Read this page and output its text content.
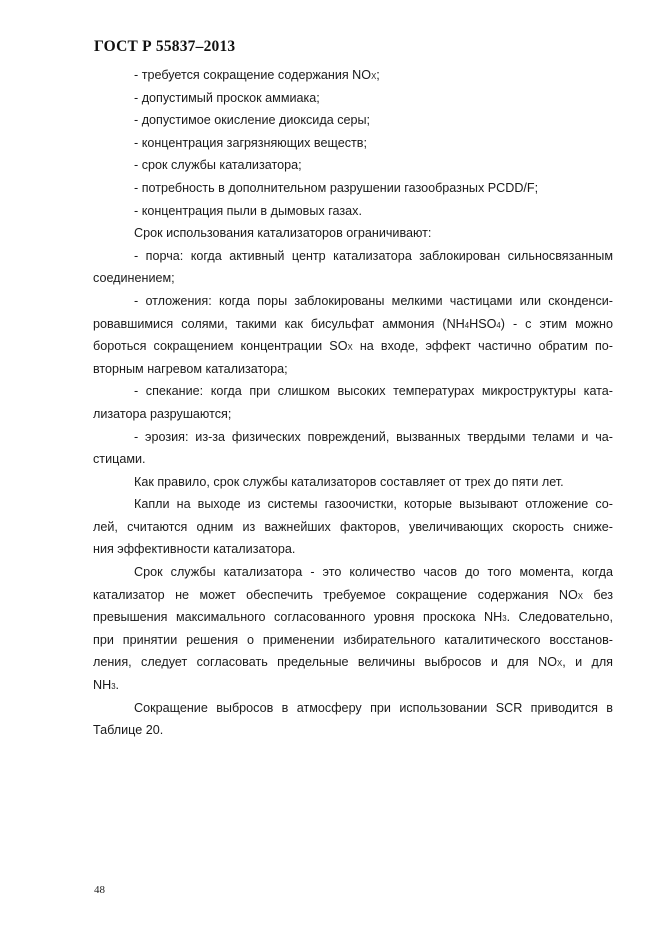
ГОСТ Р 55837–2013
- требуется сокращение содержания NOX;
- допустимый проскок аммиака;
- допустимое окисление диоксида серы;
- концентрация загрязняющих веществ;
- срок службы катализатора;
- потребность в дополнительном разрушении газообразных PCDD/F;
- концентрация пыли в дымовых газах.
Срок использования катализаторов ограничивают:
- порча: когда активный центр катализатора заблокирован сильносвязанным
соединением;
- отложения: когда поры заблокированы мелкими частицами или сконденси-
ровавшимися солями, такими как бисульфат аммония (NH4HSO4) - с этим можно
бороться сокращением концентрации SOX на входе, эффект частично обратим по-
вторным нагревом катализатора;
- спекание: когда при слишком высоких температурах микроструктуры ката-
лизатора разрушаются;
- эрозия: из-за физических повреждений, вызванных твердыми телами и ча-
стицами.
Как правило, срок службы катализаторов составляет от трех до пяти лет.
Капли на выходе из системы газоочистки, которые вызывают отложение со-
лей, считаются одним из важнейших факторов, увеличивающих скорость сниже-
ния эффективности катализатора.
Срок службы катализатора - это количество часов до того момента, когда
катализатор не может обеспечить требуемое сокращение содержания NOX без
превышения максимального согласованного уровня проскока NH3. Следовательно,
при принятии решения о применении избирательного каталитического восстанов-
ления, следует согласовать предельные величины выбросов и для NOX, и для
NH3.
Сокращение выбросов в атмосферу при использовании SCR приводится в
Таблице 20.
48
